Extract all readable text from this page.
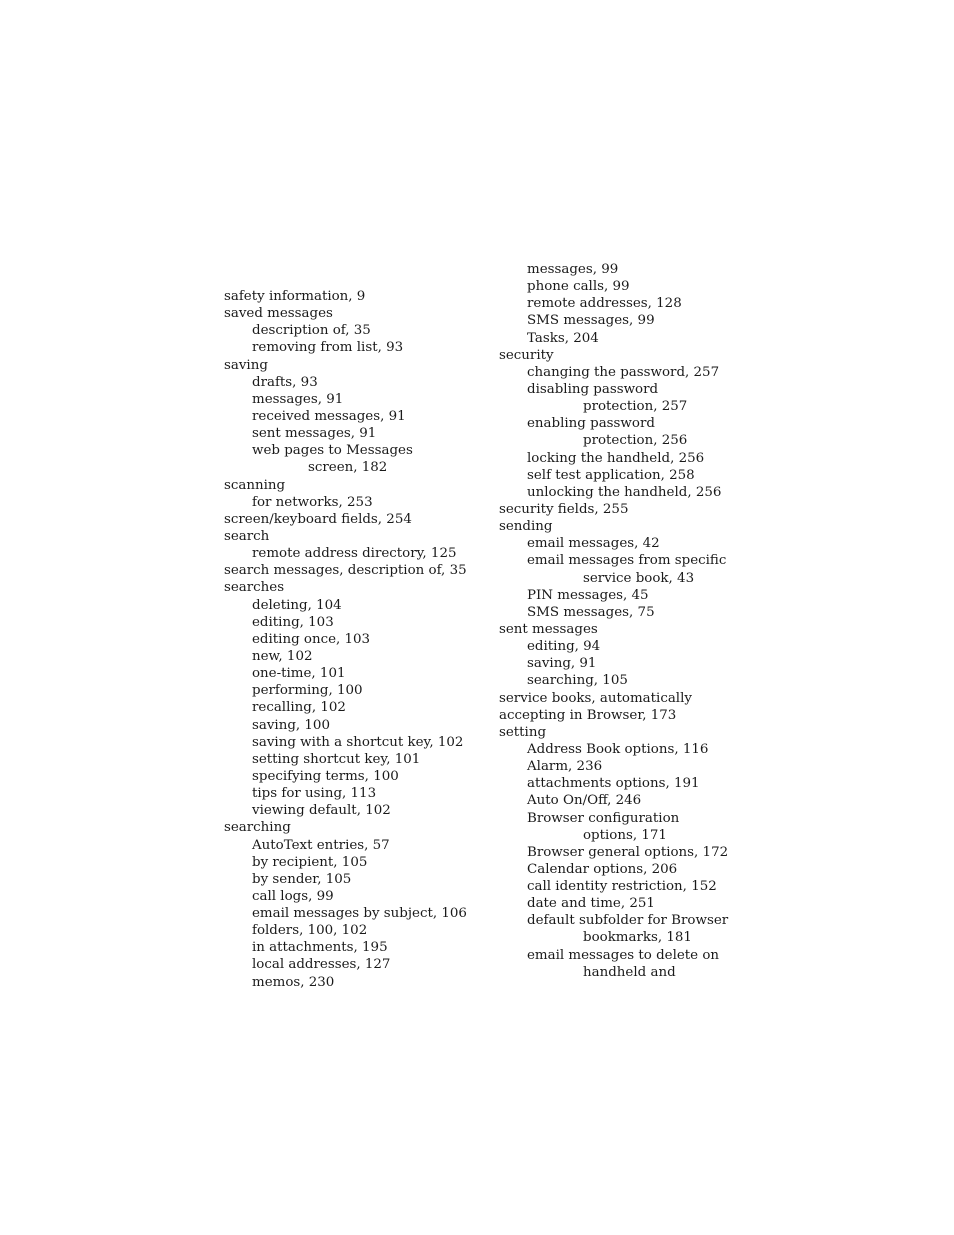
safety information, 9
saved messages
description of, 35
removing from list, 93
saving
drafts, 93
messages, 91
received messages, 91
sent messages, 91
web pages to Messages
screen, 182
scanning
for networks, 253
screen/keyboard fields, 254
search
remote address directory, 125
search messages, description of, 35
searches
deleting, 104
editing, 103
editing once, 103
new, 102
one-time, 101
performing, 100
recalling, 102
saving, 100
saving with a shortcut key, 102
setting shortcut key, 101
specifying terms, 100
tips for using, 113
viewing default, 102
searching
AutoText entries, 57
by recipient, 105
by sender, 105
call logs, 99
email messages by subject, 106
folders, 100, 102
in attachments, 195
local addresses, 127
memos, 230
messages, 99
phone calls, 99
remote addresses, 128
SMS messages, 99
Tasks, 204
security
changing the password, 257
disabling password
protection, 257
enabling password
protection, 256
locking the handheld, 256
self test application, 258
unlocking the handheld, 256
security fields, 255
sending
email messages, 42
email messages from specific
service book, 43
PIN messages, 45
SMS messages, 75
sent messages
editing, 94
saving, 91
searching, 105
service books, automatically
accepting in Browser, 173
setting
Address Book options, 116
Alarm, 236
attachments options, 191
Auto On/Off, 246
Browser configuration
options, 171
Browser general options, 172
Calendar options, 206
call identity restriction, 152
date and time, 251
default subfolder for Browser
bookmarks, 181
email messages to delete on
handheld and
